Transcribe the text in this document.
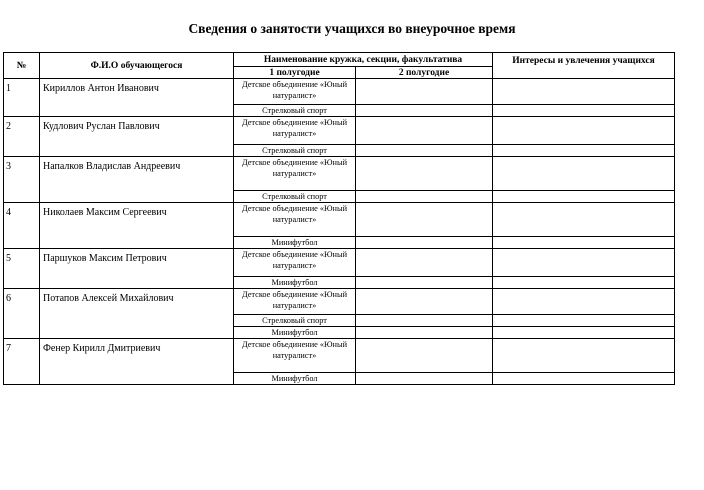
Сведения о занятости учащихся во внеурочное время
№	Ф.И.О обучающегося	Наименование кружка, секции, факультатива		Интересы и увлечения учащихся
		1 полугодие	2 полугодие	
1	Кириллов Антон Иванович	Детское объединение «Юный натуралист»		
		Стрелковый спорт		
2	Кудлович Руслан Павлович	Детское объединение «Юный натуралист»		
		Стрелковый спорт		
3	Напалков Владислав Андреевич	Детское объединение «Юный натуралист»		
		Стрелковый спорт		
4	Николаев Максим Сергеевич	Детское объединение «Юный натуралист»		
		Минифутбол		
5	Паршуков Максим Петрович	Детское объединение «Юный натуралист»		
		Минифутбол		
6	Потапов Алексей Михайлович	Детское объединение «Юный натуралист»		
		Стрелковый спорт		
		Минифутбол		
7	Фенер Кирилл Дмитриевич	Детское объединение «Юный натуралист»		
		Минифутбол		
